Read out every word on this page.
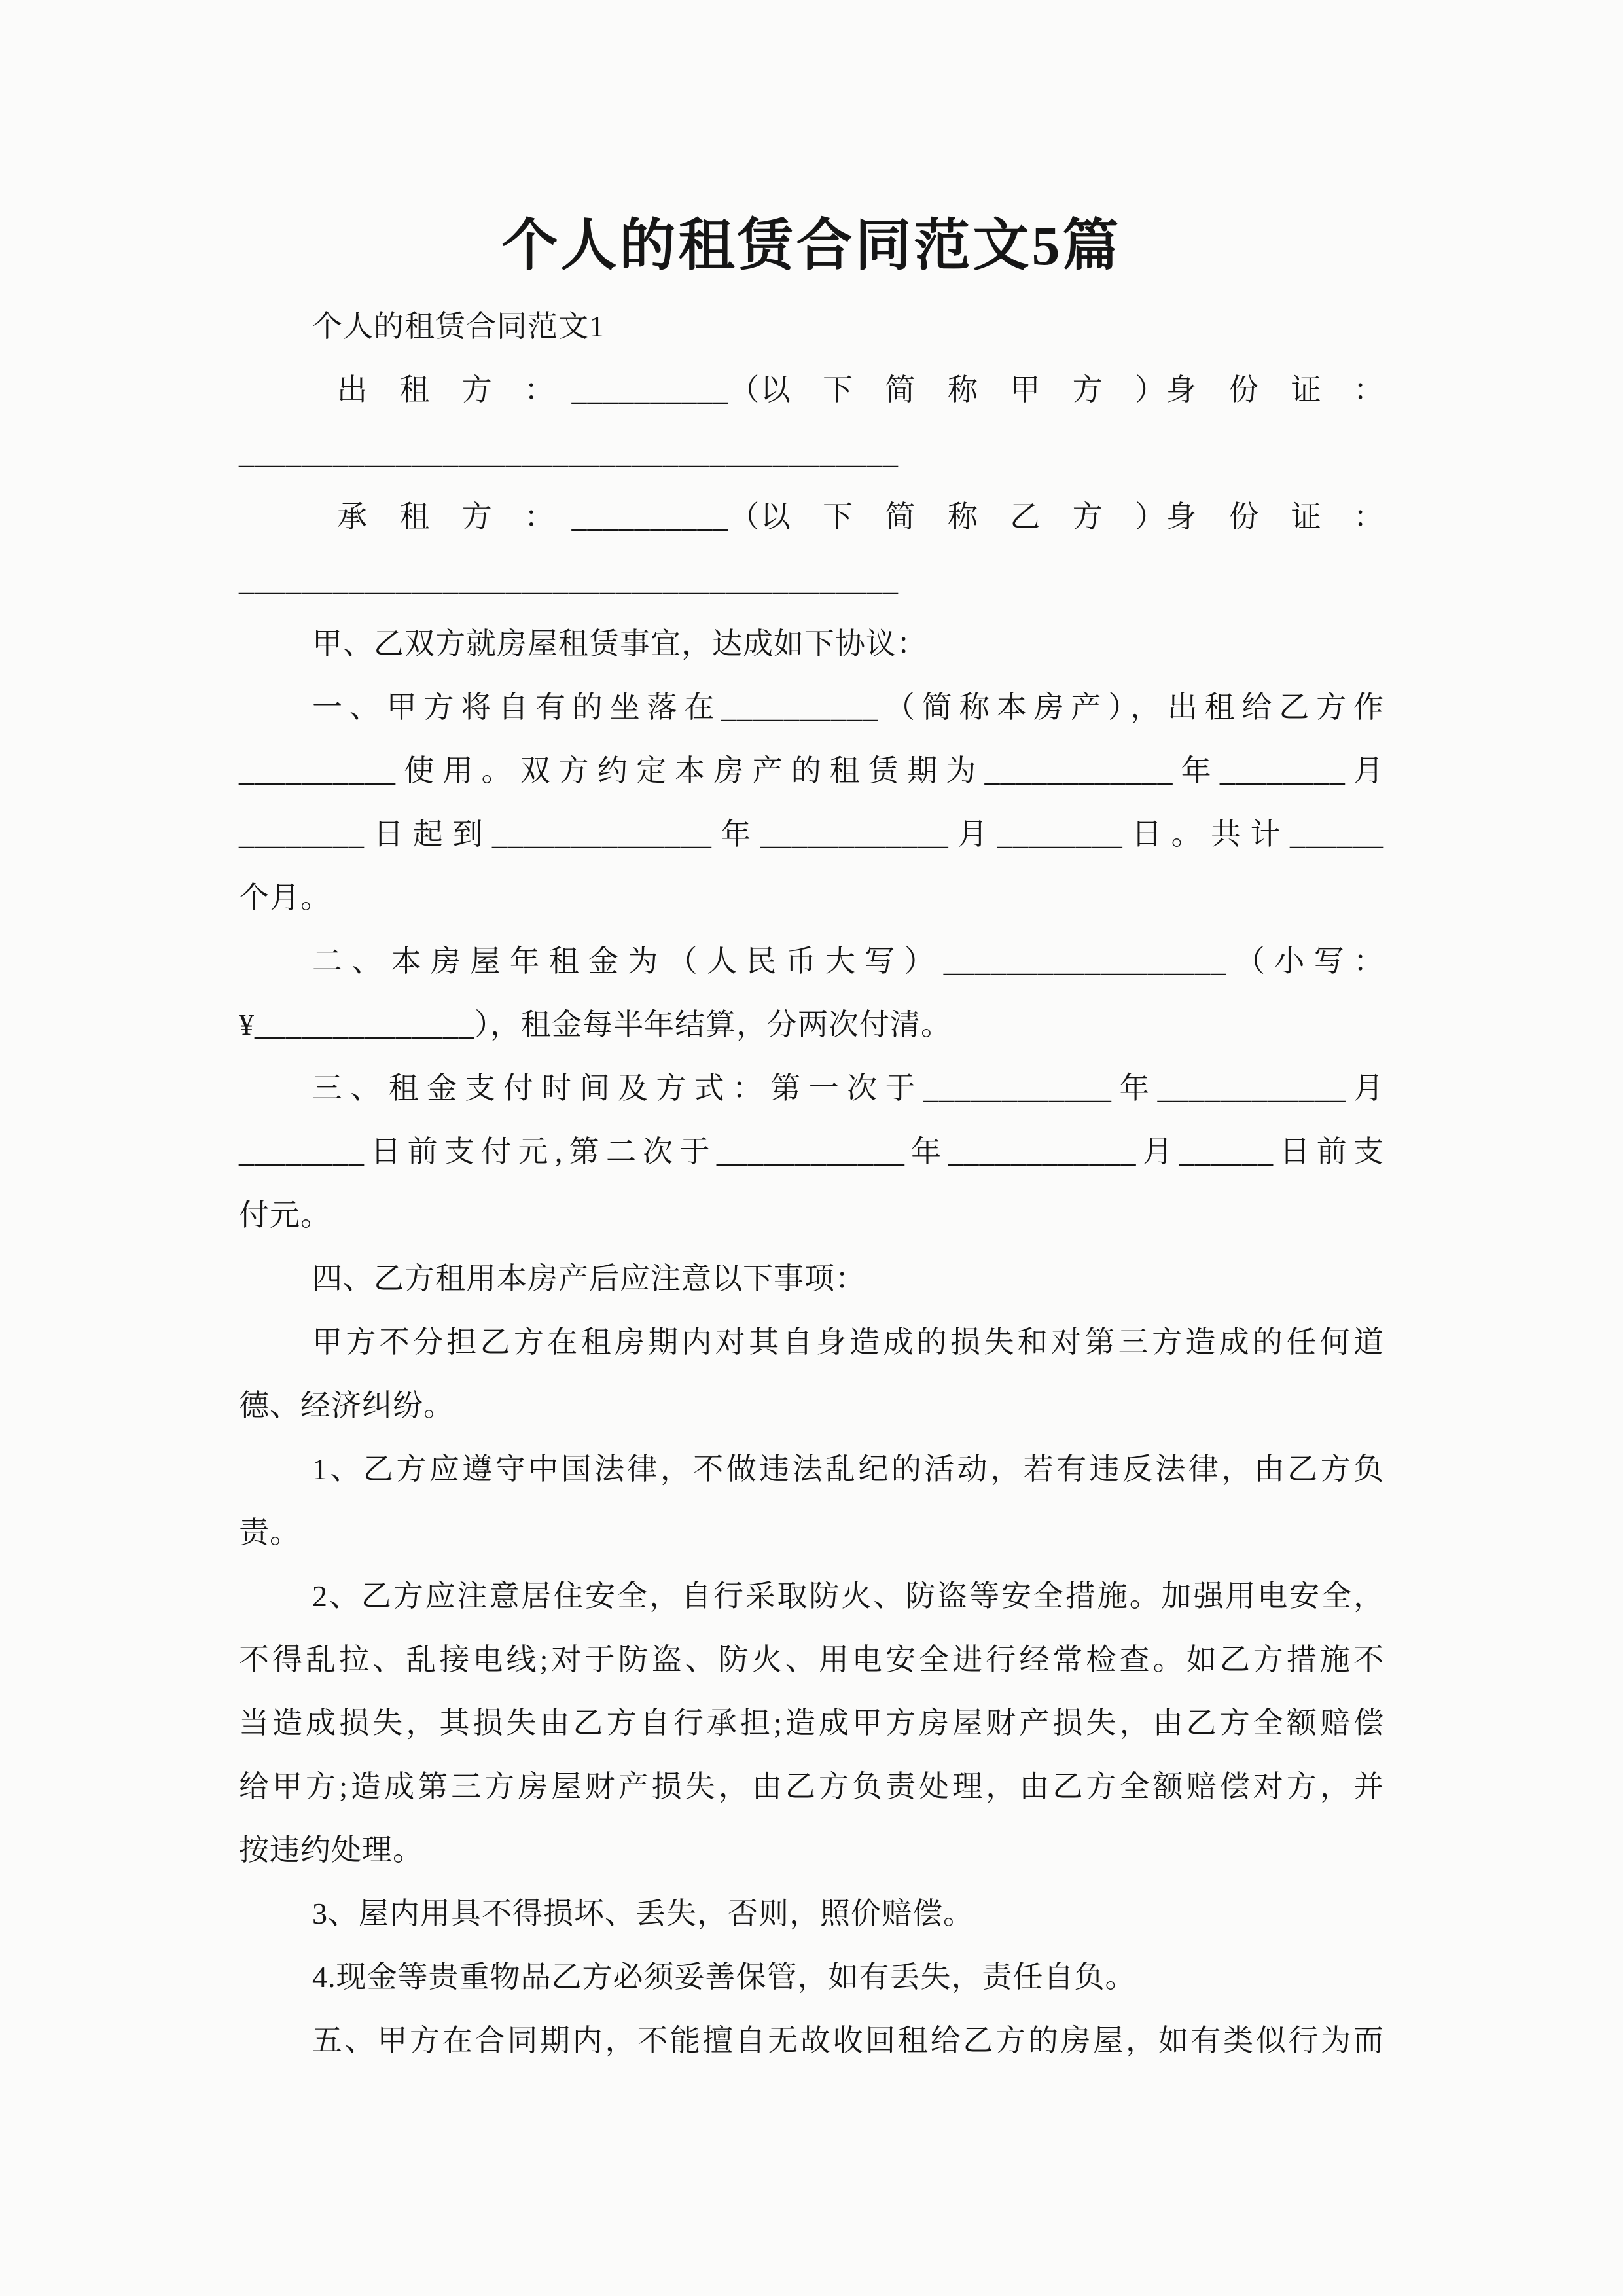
个人的租赁合同范文5篇
个人的租赁合同范文1
出　租　方　：　__________（以　下　简　称　甲　方　）身　份　证　：
__________________________________________
承　租　方　：　__________（以　下　简　称　乙　方　）身　份　证　：
__________________________________________
甲、乙双方就房屋租赁事宜，达成如下协议：
一、甲方将自有的坐落在__________（简称本房产），出租给乙方作
__________使用。双方约定本房产的租赁期为____________年________月
________日起到______________年____________月________日。共计______
个月。
二、本房屋年租金为（人民币大写）__________________（小写：
¥______________），租金每半年结算，分两次付清。
三、租金支付时间及方式：第一次于____________年____________月
________日前支付元,第二次于____________年____________月______日前支
付元。
四、乙方租用本房产后应注意以下事项：
甲方不分担乙方在租房期内对其自身造成的损失和对第三方造成的任何道
德、经济纠纷。
1、乙方应遵守中国法律，不做违法乱纪的活动，若有违反法律，由乙方负
责。
2、乙方应注意居住安全，自行采取防火、防盗等安全措施。加强用电安全，
不得乱拉、乱接电线;对于防盗、防火、用电安全进行经常检查。如乙方措施不
当造成损失，其损失由乙方自行承担;造成甲方房屋财产损失，由乙方全额赔偿
给甲方;造成第三方房屋财产损失，由乙方负责处理，由乙方全额赔偿对方，并
按违约处理。
3、屋内用具不得损坏、丢失，否则，照价赔偿。
4.现金等贵重物品乙方必须妥善保管，如有丢失，责任自负。
五、甲方在合同期内，不能擅自无故收回租给乙方的房屋，如有类似行为而
